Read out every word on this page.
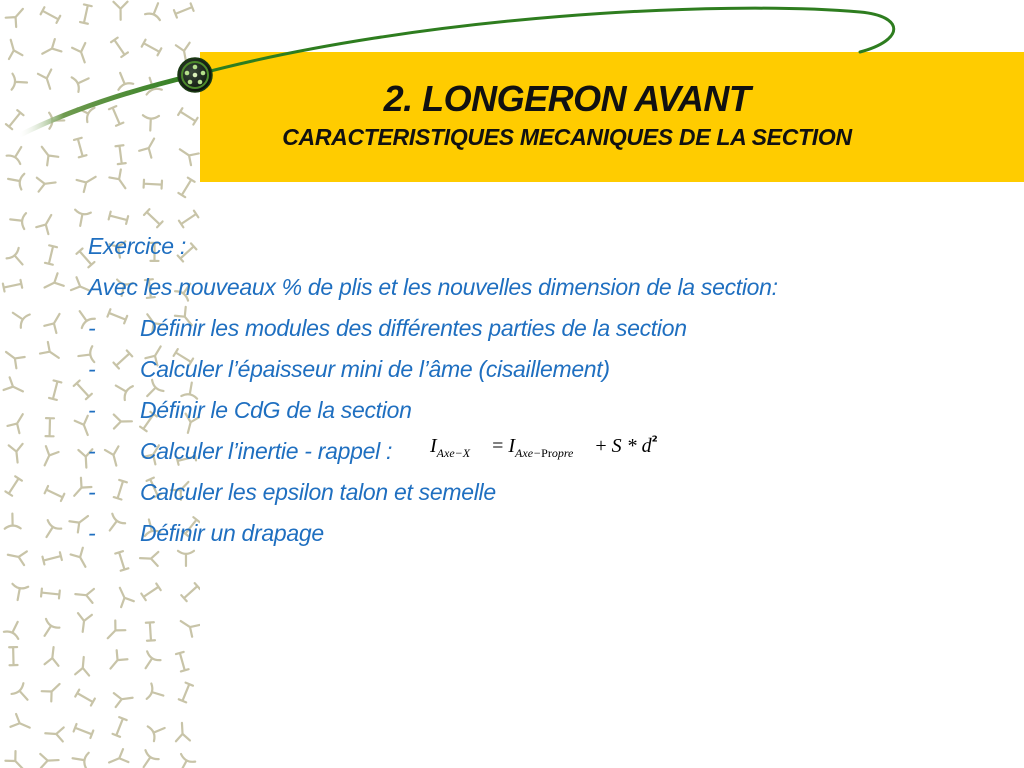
2. LONGERON AVANT
CARACTERISTIQUES MECANIQUES DE LA SECTION
Exercice :
Avec les nouveaux % de plis et les nouvelles dimension de la section:
-	Définir les modules des différentes parties de la section
-	Calculer l’épaisseur mini de l’âme (cisaillement)
-	Définir le CdG de la section
-	Calculer l’inertie - rappel :
-	Calculer les epsilon talon et semelle
-	Définir un drapage
$I_{Axe-X} = I_{Axe-Propre} + S * d^{^2}$
